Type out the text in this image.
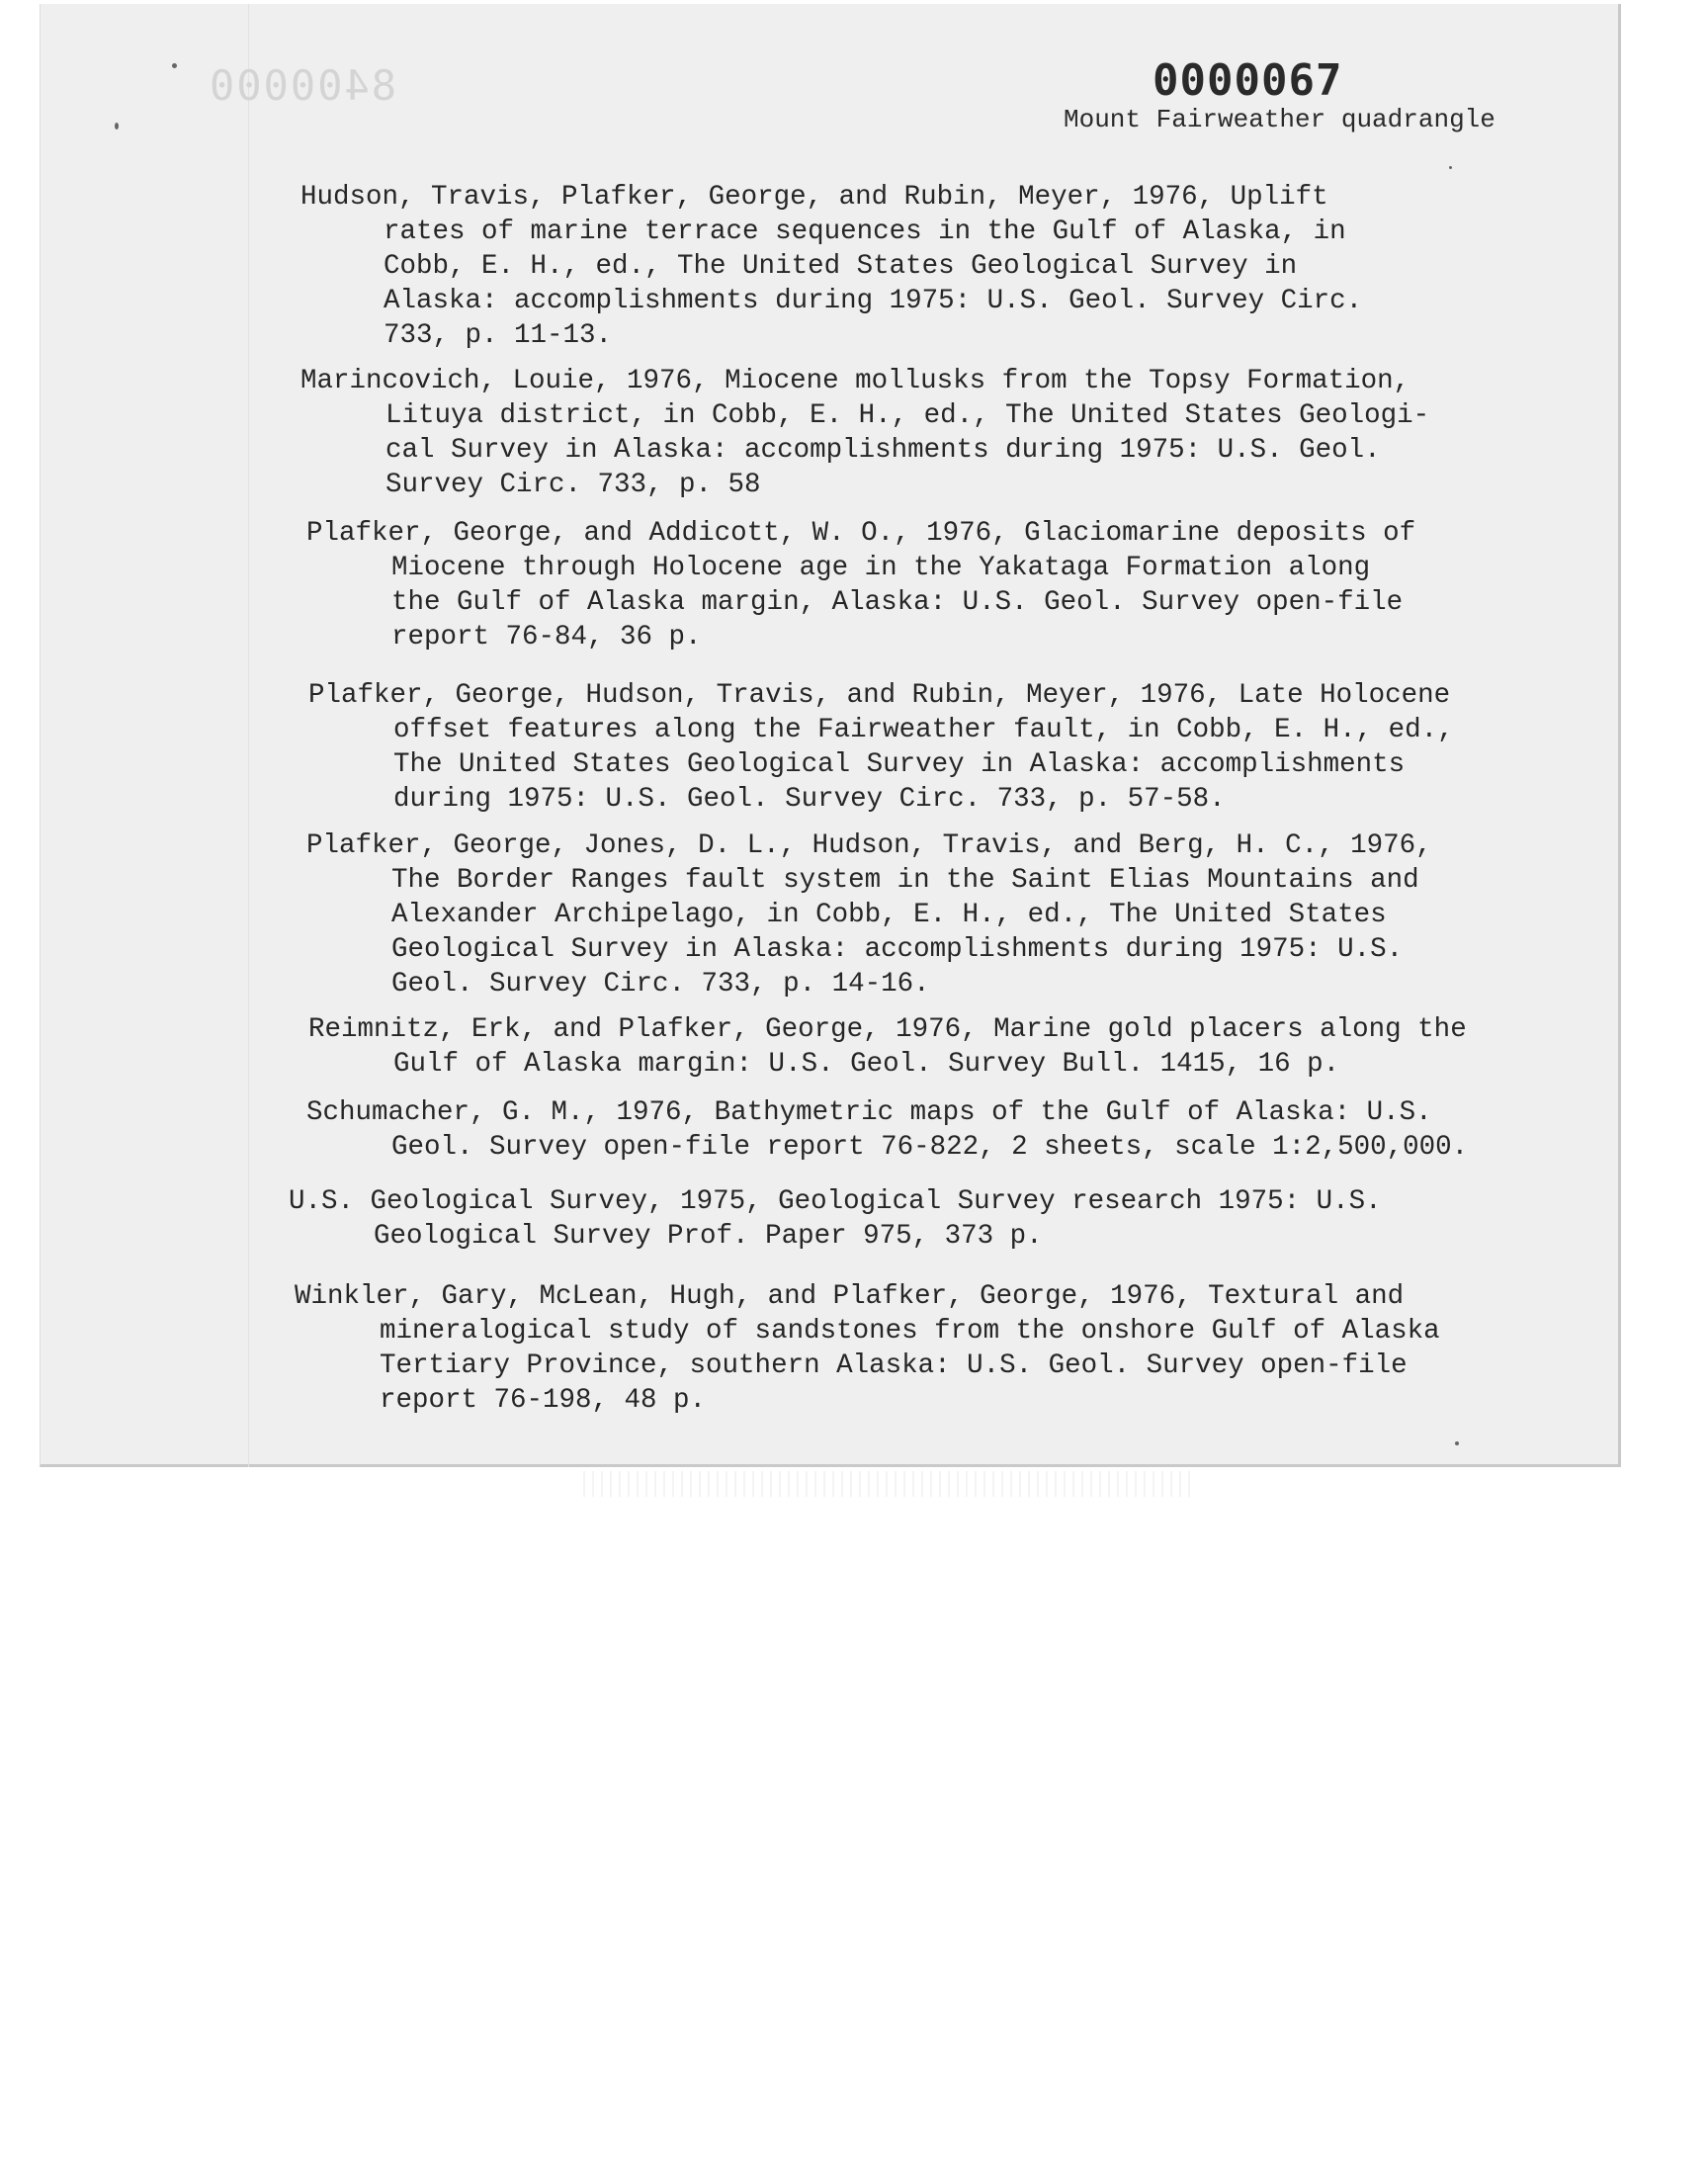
8400000	0000067
Mount Fairweather quadrangle
Hudson, Travis, Plafker, George, and Rubin, Meyer, 1976, Uplift
rates of marine terrace sequences in the Gulf of Alaska, in
Cobb, E. H., ed., The United States Geological Survey in
Alaska: accomplishments during 1975: U.S. Geol. Survey Circ.
733, p. 11-13.
Marincovich, Louie, 1976, Miocene mollusks from the Topsy Formation,
Lituya district, in Cobb, E. H., ed., The United States Geologi-
cal Survey in Alaska: accomplishments during 1975: U.S. Geol.
Survey Circ. 733, p. 58
Plafker, George, and Addicott, W. O., 1976, Glaciomarine deposits of
Miocene through Holocene age in the Yakataga Formation along
the Gulf of Alaska margin, Alaska: U.S. Geol. Survey open-file
report 76-84, 36 p.
Plafker, George, Hudson, Travis, and Rubin, Meyer, 1976, Late Holocene
offset features along the Fairweather fault, in Cobb, E. H., ed.,
The United States Geological Survey in Alaska: accomplishments
during 1975: U.S. Geol. Survey Circ. 733, p. 57-58.
Plafker, George, Jones, D. L., Hudson, Travis, and Berg, H. C., 1976,
The Border Ranges fault system in the Saint Elias Mountains and
Alexander Archipelago, in Cobb, E. H., ed., The United States
Geological Survey in Alaska: accomplishments during 1975: U.S.
Geol. Survey Circ. 733, p. 14-16.
Reimnitz, Erk, and Plafker, George, 1976, Marine gold placers along the
Gulf of Alaska margin: U.S. Geol. Survey Bull. 1415, 16 p.
Schumacher, G. M., 1976, Bathymetric maps of the Gulf of Alaska: U.S.
Geol. Survey open-file report 76-822, 2 sheets, scale 1:2,500,000.
U.S. Geological Survey, 1975, Geological Survey research 1975: U.S.
Geological Survey Prof. Paper 975, 373 p.
Winkler, Gary, McLean, Hugh, and Plafker, George, 1976, Textural and
mineralogical study of sandstones from the onshore Gulf of Alaska
Tertiary Province, southern Alaska: U.S. Geol. Survey open-file
report 76-198, 48 p.
